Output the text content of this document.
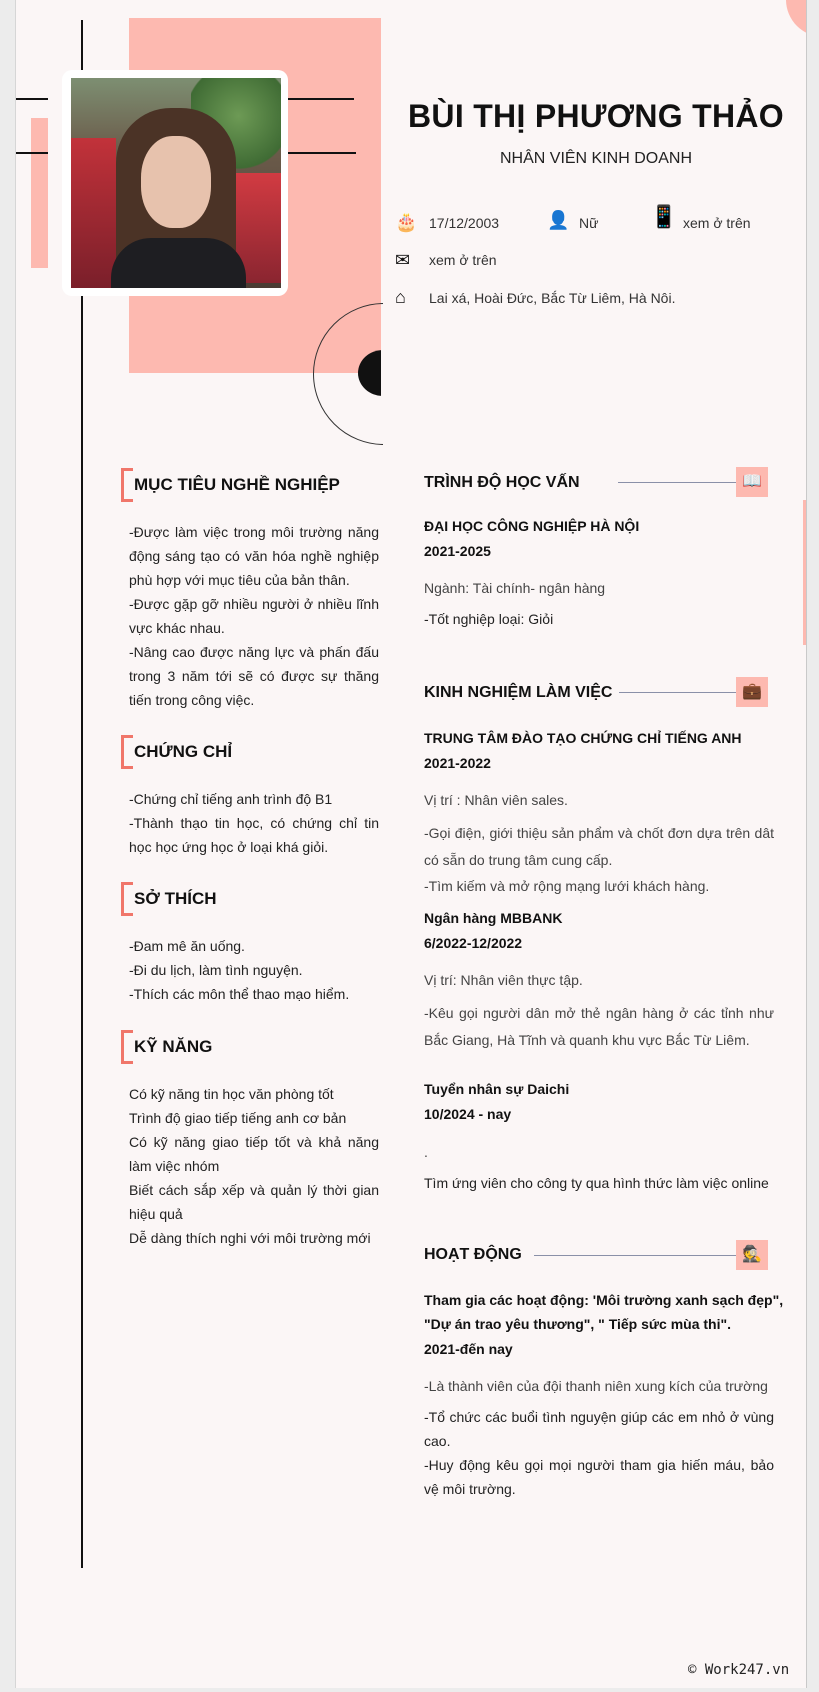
BÙI THỊ PHƯƠNG THẢO
NHÂN VIÊN KINH DOANH
🎂 17/12/2003	👤 Nữ 📱 xem ở trên
✉ xem ở trên
⌂ Lai xá, Hoài Đức, Bắc Từ Liêm, Hà Nôi.
MỤC TIÊU NGHỀ NGHIỆP
-Được làm việc trong môi trường năng động sáng tạo có văn hóa nghề nghiệp phù hợp với mục tiêu của bản thân.
-Được gặp gỡ nhiều người ở nhiều lĩnh vực khác nhau.
-Nâng cao được năng lực và phấn đấu trong 3 năm tới sẽ có được sự thăng tiến trong công việc.
CHỨNG CHỈ
-Chứng chỉ tiếng anh trình độ B1
-Thành thạo tin học, có chứng chỉ tin học học ứng học ở loại khá giỏi.
SỞ THÍCH
-Đam mê ăn uống.
-Đi du lịch, làm tình nguyện.
-Thích các môn thể thao mạo hiểm.
KỸ NĂNG
Có kỹ năng tin học văn phòng tốt
Trình độ giao tiếp tiếng anh cơ bản
Có kỹ năng giao tiếp tốt và khả năng làm việc nhóm
Biết cách sắp xếp và quản lý thời gian hiệu quả
Dễ dàng thích nghi với môi trường mới
TRÌNH ĐỘ HỌC VẤN	📖
ĐẠI HỌC CÔNG NGHIỆP HÀ NỘI
2021-2025
Ngành: Tài chính- ngân hàng
-Tốt nghiệp loại: Giỏi
KINH NGHIỆM LÀM VIỆC	💼
TRUNG TÂM ĐÀO TẠO CHỨNG CHỈ TIẾNG ANH
2021-2022
Vị trí : Nhân viên sales.
-Gọi điện, giới thiệu sản phẩm và chốt đơn dựa trên dât có sẵn do trung tâm cung cấp.
-Tìm kiếm và mở rộng mạng lưới khách hàng.
Ngân hàng MBBANK
6/2022-12/2022
Vị trí: Nhân viên thực tập.
-Kêu gọi người dân mở thẻ ngân hàng ở các tỉnh như Bắc Giang, Hà Tĩnh và quanh khu vực Bắc Từ Liêm.
Tuyển nhân sự Daichi
10/2024 - nay
.
Tìm ứng viên cho công ty qua hình thức làm việc online
HOẠT ĐỘNG	🕵
Tham gia các hoạt động: 'Môi trường xanh sạch đẹp",
"Dự án trao yêu thương", " Tiếp sức mùa thi".
2021-đến nay
-Là thành viên của đội thanh niên xung kích của trường
-Tổ chức các buổi tình nguyện giúp các em nhỏ ở vùng cao.
-Huy động kêu gọi mọi người tham gia hiến máu, bảo vệ môi trường.
© Work247.vn
